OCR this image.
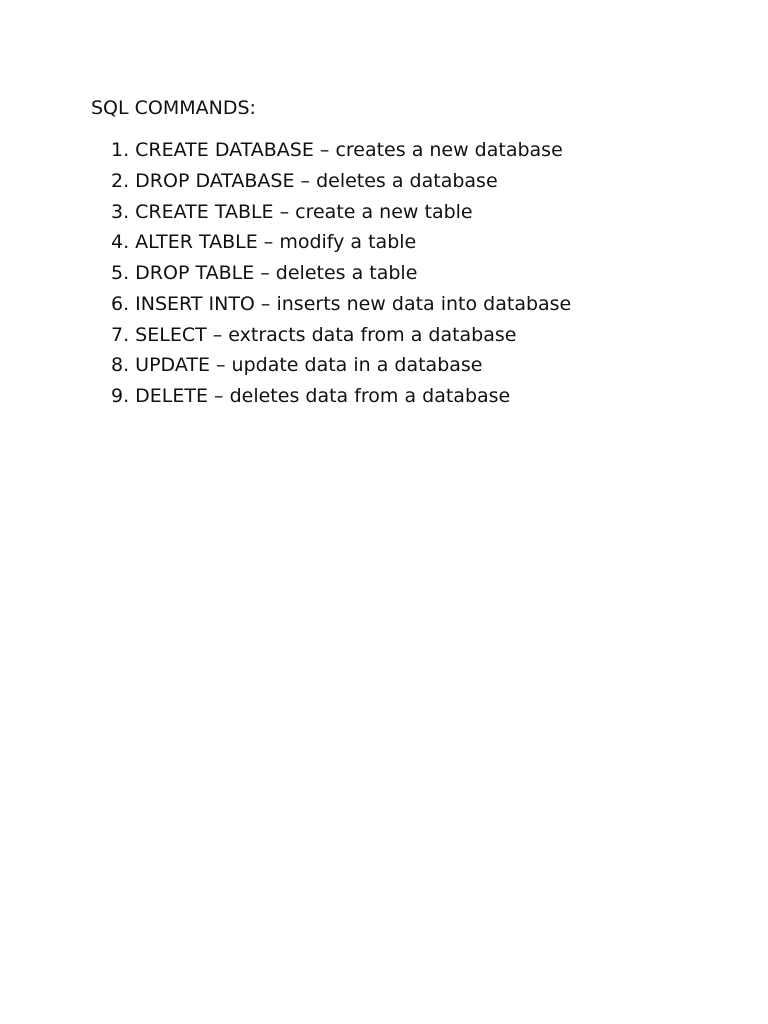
SQL COMMANDS:
1. CREATE DATABASE – creates a new database
2. DROP DATABASE – deletes a database
3. CREATE TABLE – create a new table
4. ALTER TABLE – modify a table
5. DROP TABLE – deletes a table
6. INSERT INTO – inserts new data into database
7. SELECT – extracts data from a database
8. UPDATE – update data in a database
9. DELETE – deletes data from a database
